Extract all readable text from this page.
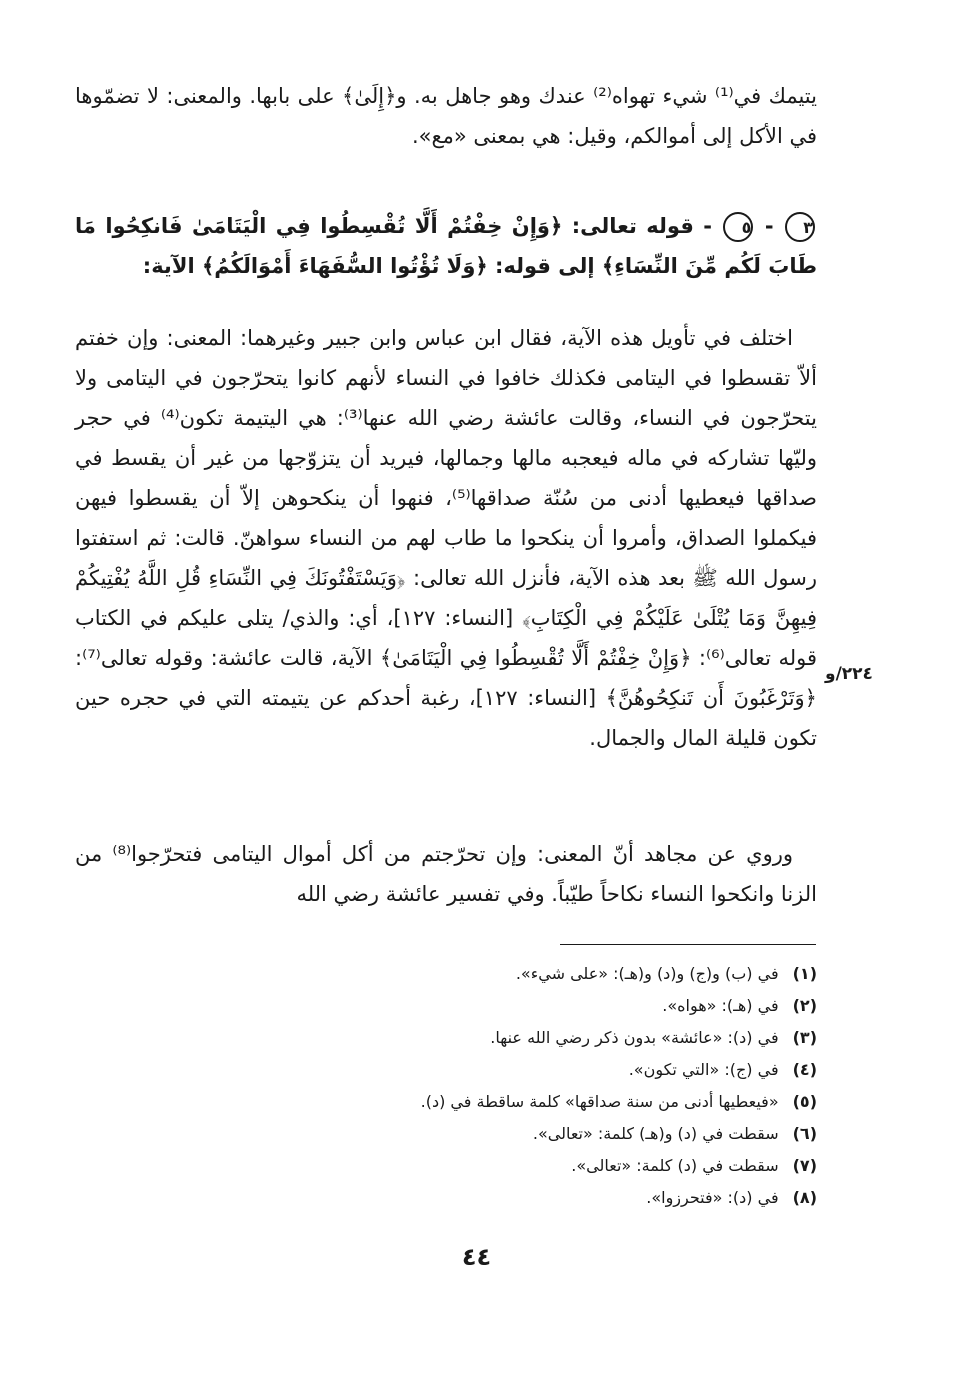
يتيمك في⁽¹⁾ شيء تهواه⁽²⁾ عندك وهو جاهل به. و﴿إِلَىٰ﴾ على بابها. والمعنى: لا تضمّوها في الأكل إلى أموالكم، وقيل: هي بمعنى «مع».
٣ - ٥ - قوله تعالى: ﴿وَإِنْ خِفْتُمْ أَلَّا تُقْسِطُوا فِي الْيَتَامَىٰ فَانكِحُوا مَا طَابَ لَكُم مِّنَ النِّسَاءِ﴾ إلى قوله: ﴿وَلَا تُؤْتُوا السُّفَهَاءَ أَمْوَالَكُمُ﴾ الآية:
اختلف في تأويل هذه الآية، فقال ابن عباس وابن جبير وغيرهما: المعنى: وإن خفتم ألاّ تقسطوا في اليتامى فكذلك خافوا في النساء لأنهم كانوا يتحرّجون في اليتامى ولا يتحرّجون في النساء، وقالت عائشة رضي الله عنها⁽³⁾: هي اليتيمة تكون⁽⁴⁾ في حجر وليّها تشاركه في ماله فيعجبه مالها وجمالها، فيريد أن يتزوّجها من غير أن يقسط في صداقها فيعطيها أدنى من سُنّة صداقها⁽⁵⁾، فنهوا أن ينكحوهن إلاّ أن يقسطوا فيهن فيكملوا الصداق، وأمروا أن ينكحوا ما طاب لهم من النساء سواهنّ. قالت: ثم استفتوا رسول الله ﷺ بعد هذه الآية، فأنزل الله تعالى: ﴿وَيَسْتَفْتُونَكَ فِي النِّسَاءِ قُلِ اللَّهُ يُفْتِيكُمْ فِيهِنَّ وَمَا يُتْلَىٰ عَلَيْكُمْ فِي الْكِتَابِ﴾ [النساء: ١٢٧]، أي: والذي/ يتلى عليكم في الكتاب قوله تعالى⁽⁶⁾: ﴿وَإِنْ خِفْتُمْ أَلَّا تُقْسِطُوا فِي الْيَتَامَىٰ﴾ الآية، قالت عائشة: وقوله تعالى⁽⁷⁾: ﴿وَتَرْغَبُونَ أَن تَنكِحُوهُنَّ﴾ [النساء: ١٢٧]، رغبة أحدكم عن يتيمته التي في حجره حين تكون قليلة المال والجمال.
٢٢٤/و
وروي عن مجاهد أنّ المعنى: وإن تحرّجتم من أكل أموال اليتامى فتحرّجوا⁽⁸⁾ من الزنا وانكحوا النساء نكاحاً طيّباً. وفي تفسير عائشة رضي الله
(١)في (ب) و(ج) و(د) و(هـ): «على شيء».
(٢)في (هـ): «هواه».
(٣)في (د): «عائشة» بدون ذكر رضي الله عنها.
(٤)في (ج): «التي تكون».
(٥)«فيعطيها أدنى من سنة صداقها» كلمة ساقطة في (د).
(٦)سقطت في (د) و(هـ) كلمة: «تعالى».
(٧)سقطت في (د) كلمة: «تعالى».
(٨)في (د): «فتحرزوا».
٤٤
